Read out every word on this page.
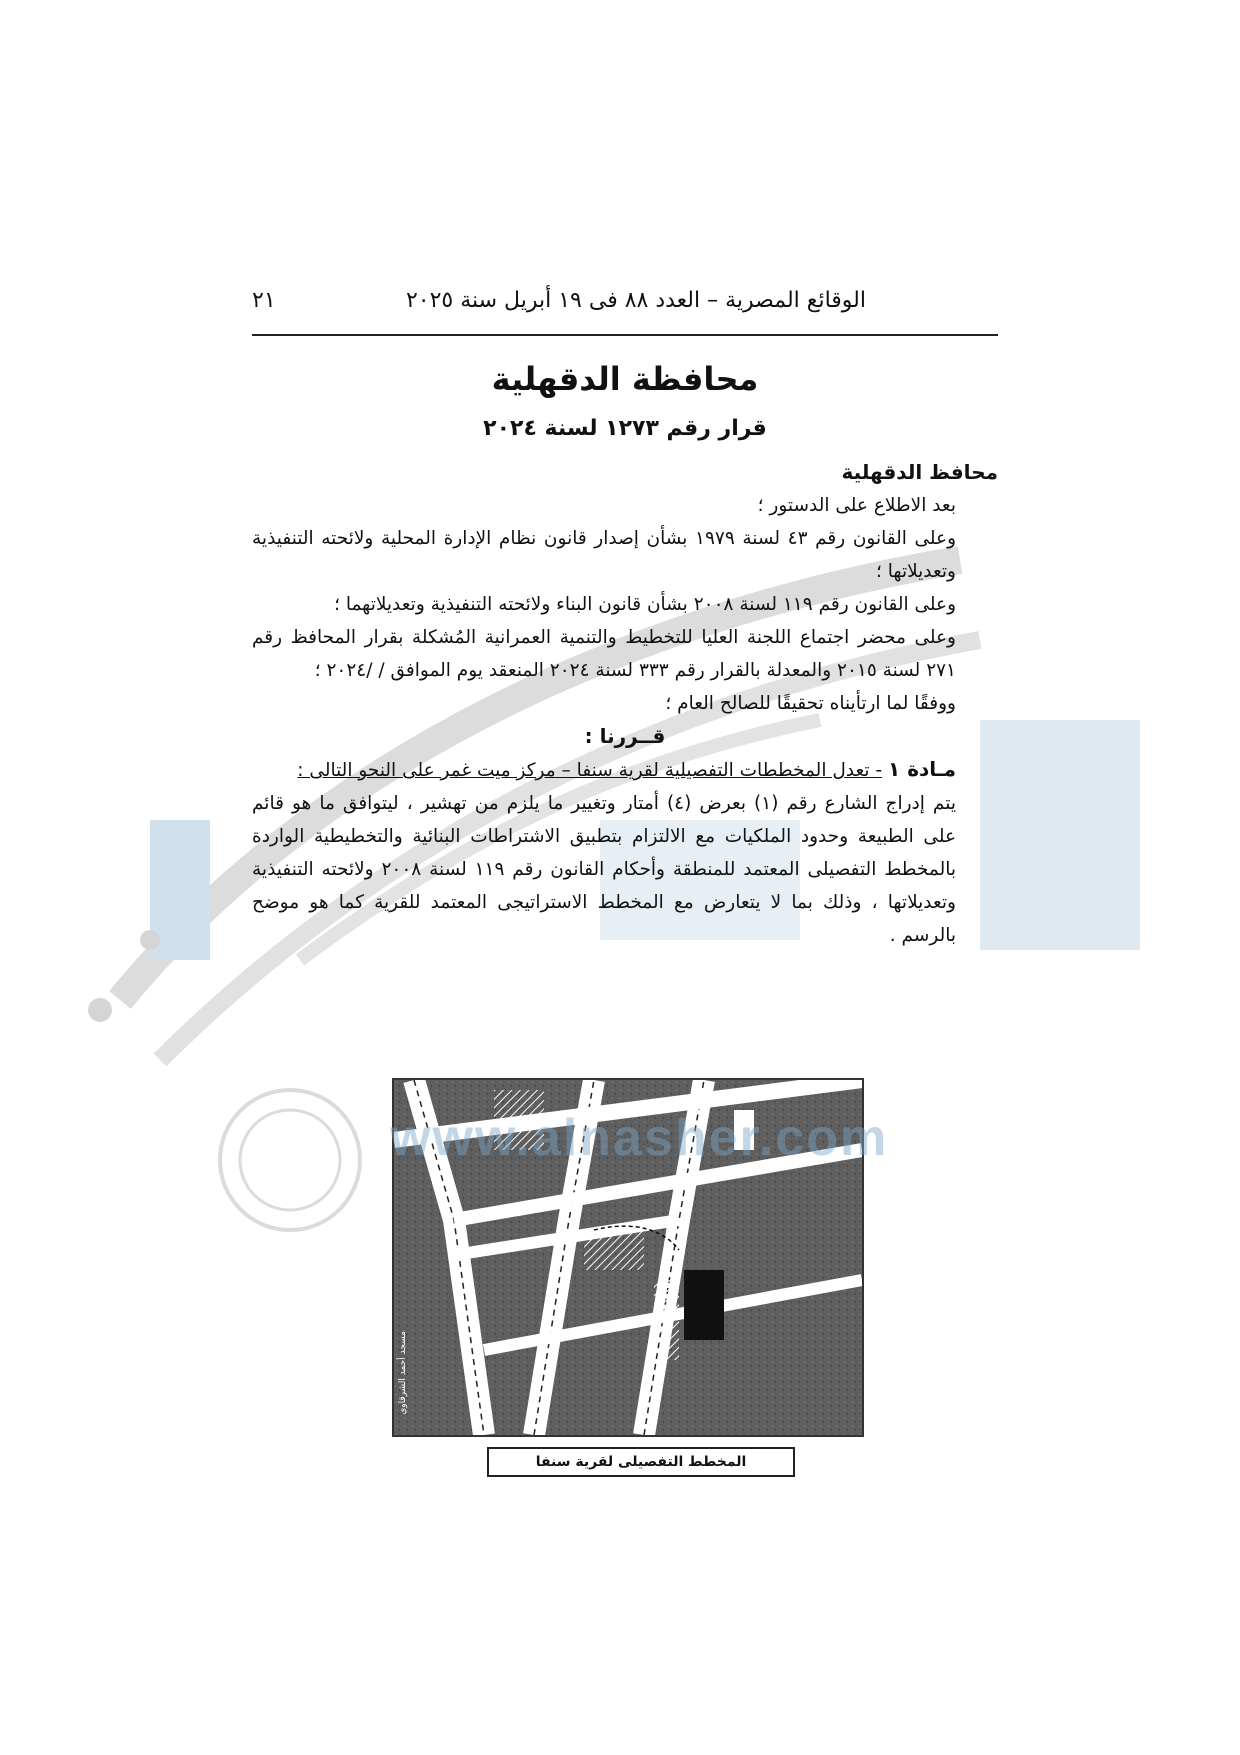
٢١	الوقائع المصرية – العدد ٨٨ فى ١٩ أبريل سنة ٢٠٢٥
محافظة الدقهلية
قرار رقم ١٢٧٣ لسنة ٢٠٢٤

محافظ الدقهلية

بعد الاطلاع على الدستور ؛

وعلى القانون رقم ٤٣ لسنة ١٩٧٩ بشأن إصدار قانون نظام الإدارة المحلية ولائحته التنفيذية وتعديلاتها ؛

وعلى القانون رقم ١١٩ لسنة ٢٠٠٨ بشأن قانون البناء ولائحته التنفيذية وتعديلاتهما ؛

وعلى محضر اجتماع اللجنة العليا للتخطيط والتنمية العمرانية المُشكلة بقرار المحافظ رقم ٢٧١ لسنة ٢٠١٥ والمعدلة بالقرار رقم ٣٣٣ لسنة ٢٠٢٤ المنعقد يوم الموافق / /٢٠٢٤ ؛

ووفقًا لما ارتأيناه تحقيقًا للصالح العام ؛

قــررنا :

مـادة ١ - تعدل المخططات التفصيلية لقرية سنفا – مركز ميت غمر على النحو التالى :

يتم إدراج الشارع رقم (١) بعرض (٤) أمتار وتغيير ما يلزم من تهشير ، ليتوافق ما هو قائم على الطبيعة وحدود الملكيات مع الالتزام بتطبيق الاشتراطات البنائية والتخطيطية الواردة بالمخطط التفصيلى المعتمد للمنطقة وأحكام القانون رقم ١١٩ لسنة ٢٠٠٨ ولائحته التنفيذية وتعديلاتها ، وذلك بما لا يتعارض مع المخطط الاستراتيجى المعتمد للقرية كما هو موضح بالرسم .

مسجد أحمد الشرقاوي
المخطط التفصيلى لقرية سنفا
www.alnasher.com
